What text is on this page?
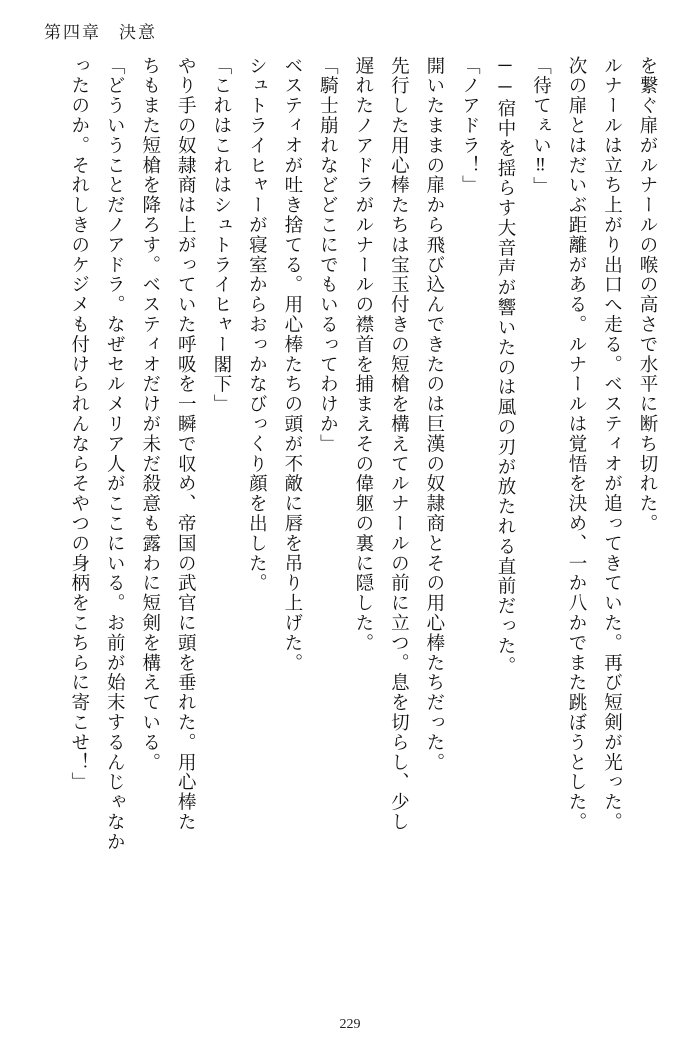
第四章 決意

を繋ぐ扉がルナールの喉の高さで水平に断ち切れた。

ルナールは立ち上がり出口へ走る。ベスティオが追ってきていた。再び短剣が光った。

次の扉とはだいぶ距離がある。ルナールは覚悟を決め、一か八かでまた跳ぼうとした。

「待てぇい‼」

──宿中を揺らす大音声が響いたのは風の刃が放たれる直前だった。

「ノアドラ！」

開いたままの扉から飛び込んできたのは巨漢の奴隷商とその用心棒たちだった。

先行した用心棒たちは宝玉付きの短槍を構えてルナールの前に立つ。息を切らし、少し

遅れたノアドラがルナールの襟首を捕まえその偉躯の裏に隠した。

「騎士崩れなどどこにでもいるってわけか」

ベスティオが吐き捨てる。用心棒たちの頭が不敵に唇を吊り上げた。

シュトライヒャーが寝室からおっかなびっくり顔を出した。

「これはこれはシュトライヒャー閣下」

やり手の奴隷商は上がっていた呼吸を一瞬で収め、帝国の武官に頭を垂れた。用心棒た

ちもまた短槍を降ろす。ベスティオだけが未だ殺意も露わに短剣を構えている。

「どういうことだノアドラ。なぜセルメリア人がここにいる。お前が始末するんじゃなか

ったのか。それしきのケジメも付けられんならそやつの身柄をこちらに寄こせ！」

229
